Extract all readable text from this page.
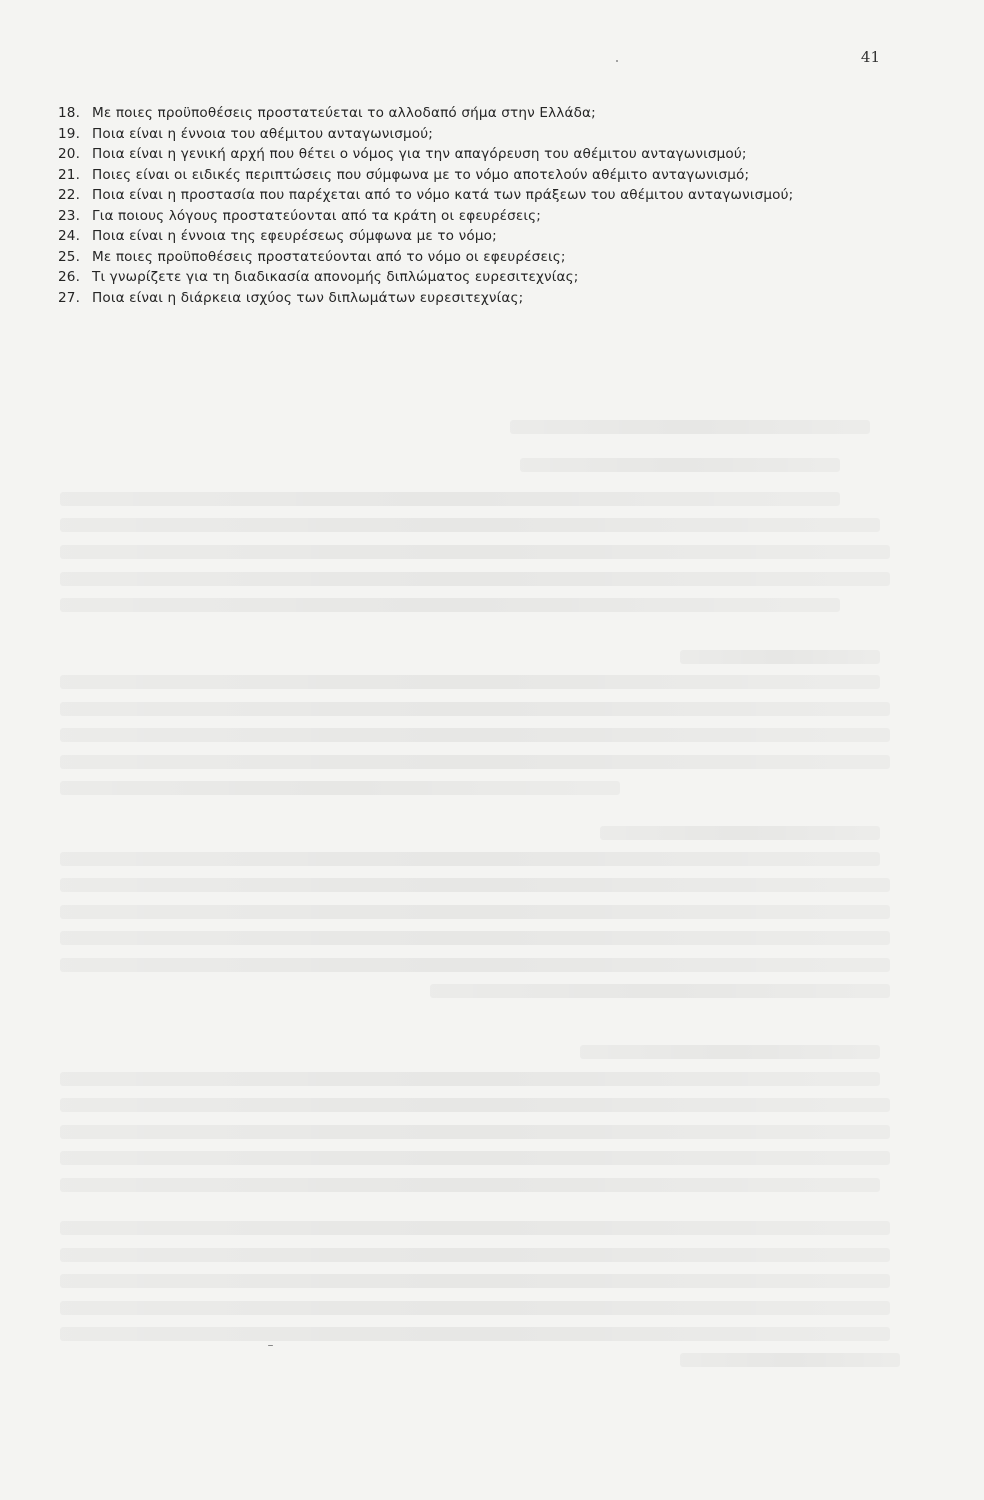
41
18. Με ποιες προϋποθέσεις προστατεύεται το αλλοδαπό σήμα στην Ελλάδα;
19. Ποια είναι η έννοια του αθέμιτου ανταγωνισμού;
20. Ποια είναι η γενική αρχή που θέτει ο νόμος για την απαγόρευση του αθέμιτου ανταγωνισμού;
21. Ποιες είναι οι ειδικές περιπτώσεις που σύμφωνα με το νόμο αποτελούν αθέμιτο ανταγωνισμό;
22. Ποια είναι η προστασία που παρέχεται από το νόμο κατά των πράξεων του αθέμιτου ανταγωνισμού;
23. Για ποιους λόγους προστατεύονται από τα κράτη οι εφευρέσεις;
24. Ποια είναι η έννοια της εφευρέσεως σύμφωνα με το νόμο;
25. Με ποιες προϋποθέσεις προστατεύονται από το νόμο οι εφευρέσεις;
26. Τι γνωρίζετε για τη διαδικασία απονομής διπλώματος ευρεσιτεχνίας;
27. Ποια είναι η διάρκεια ισχύος των διπλωμάτων ευρεσιτεχνίας;
